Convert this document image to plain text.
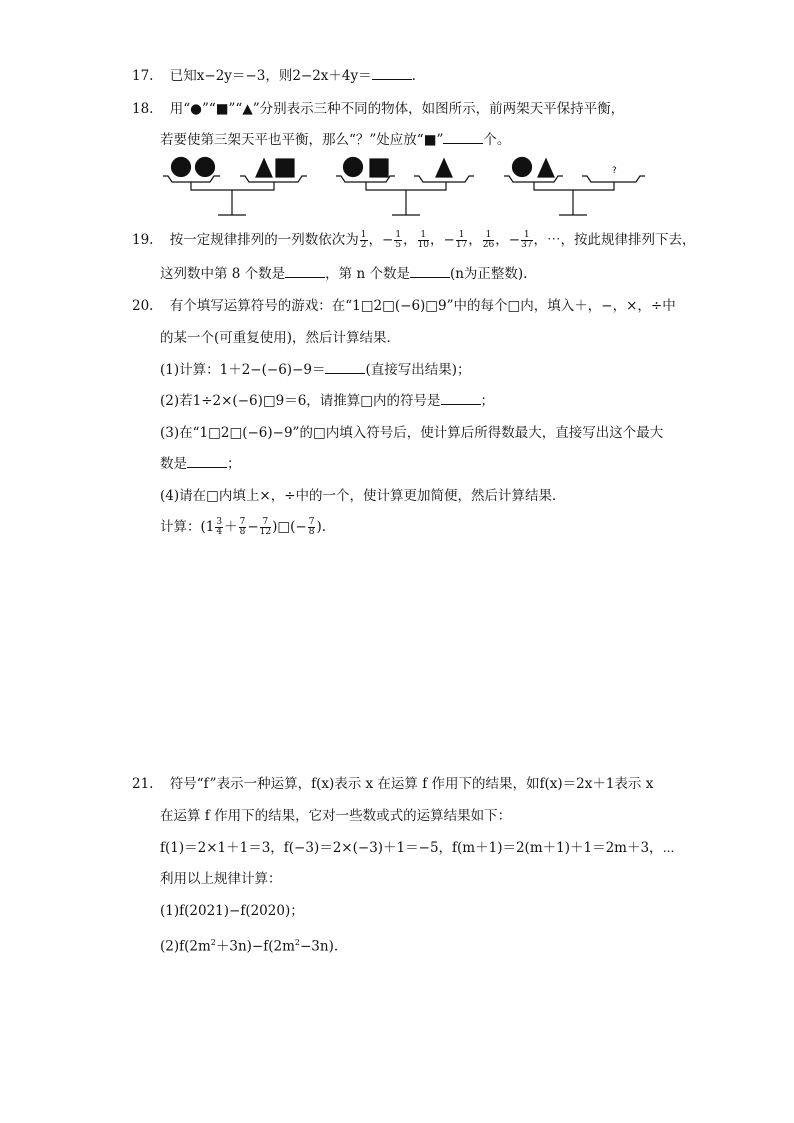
17. 已知x−2y＝−3，则2−2x＋4y＝	.
18. 用“●”“■”“▲”分别表示三种不同的物体，如图所示，前两架天平保持平衡，
若要使第三架天平也平衡，那么“？”处应放“■”	个。
?
19. 按一定规律排列的一列数依次为 $\frac{1}{2}$ ，− $\frac{1}{5}$ ， $\frac{1}{10}$ ，− $\frac{1}{17}$ ， $\frac{1}{26}$ ，− $\frac{1}{37}$ ，⋯，按此规律排列下去，
这列数中第 8 个数是	，第 n 个数是	(n为正整数).
20. 有个填写运算符号的游戏：在“1□2□(−6)□9”中的每个□内，填入＋，−，×，÷中
的某一个(可重复使用)，然后计算结果．
(1)计算：1＋2−(−6)−9＝	(直接写出结果)；
(2)若1÷2×(−6)□9＝6，请推算□内的符号是	；
(3)在“1□2□(−6)−9”的□内填入符号后，使计算后所得数最大，直接写出这个最大
数是	；
(4)请在□内填上×，÷中的一个，使计算更加简便，然后计算结果．
计算：($1 \frac{3}{4} + \frac{7}{8} - \frac{7}{12}$ )□(− $\frac{7}{8}$ ).
21. 符号“f”表示一种运算，f(x)表示 x 在运算 f 作用下的结果，如f(x)＝2x＋1表示 x
在运算 f 作用下的结果，它对一些数或式的运算结果如下：
f(1)＝2×1＋1＝3，f(−3)＝2×(−3)＋1＝−5，f(m＋1)＝2(m＋1)＋1＝2m＋3，⋯
利用以上规律计算：
(1)f(2021)−f(2020)；
$(2)f(2m^2+3n)-f(2m^2-3n)$.
